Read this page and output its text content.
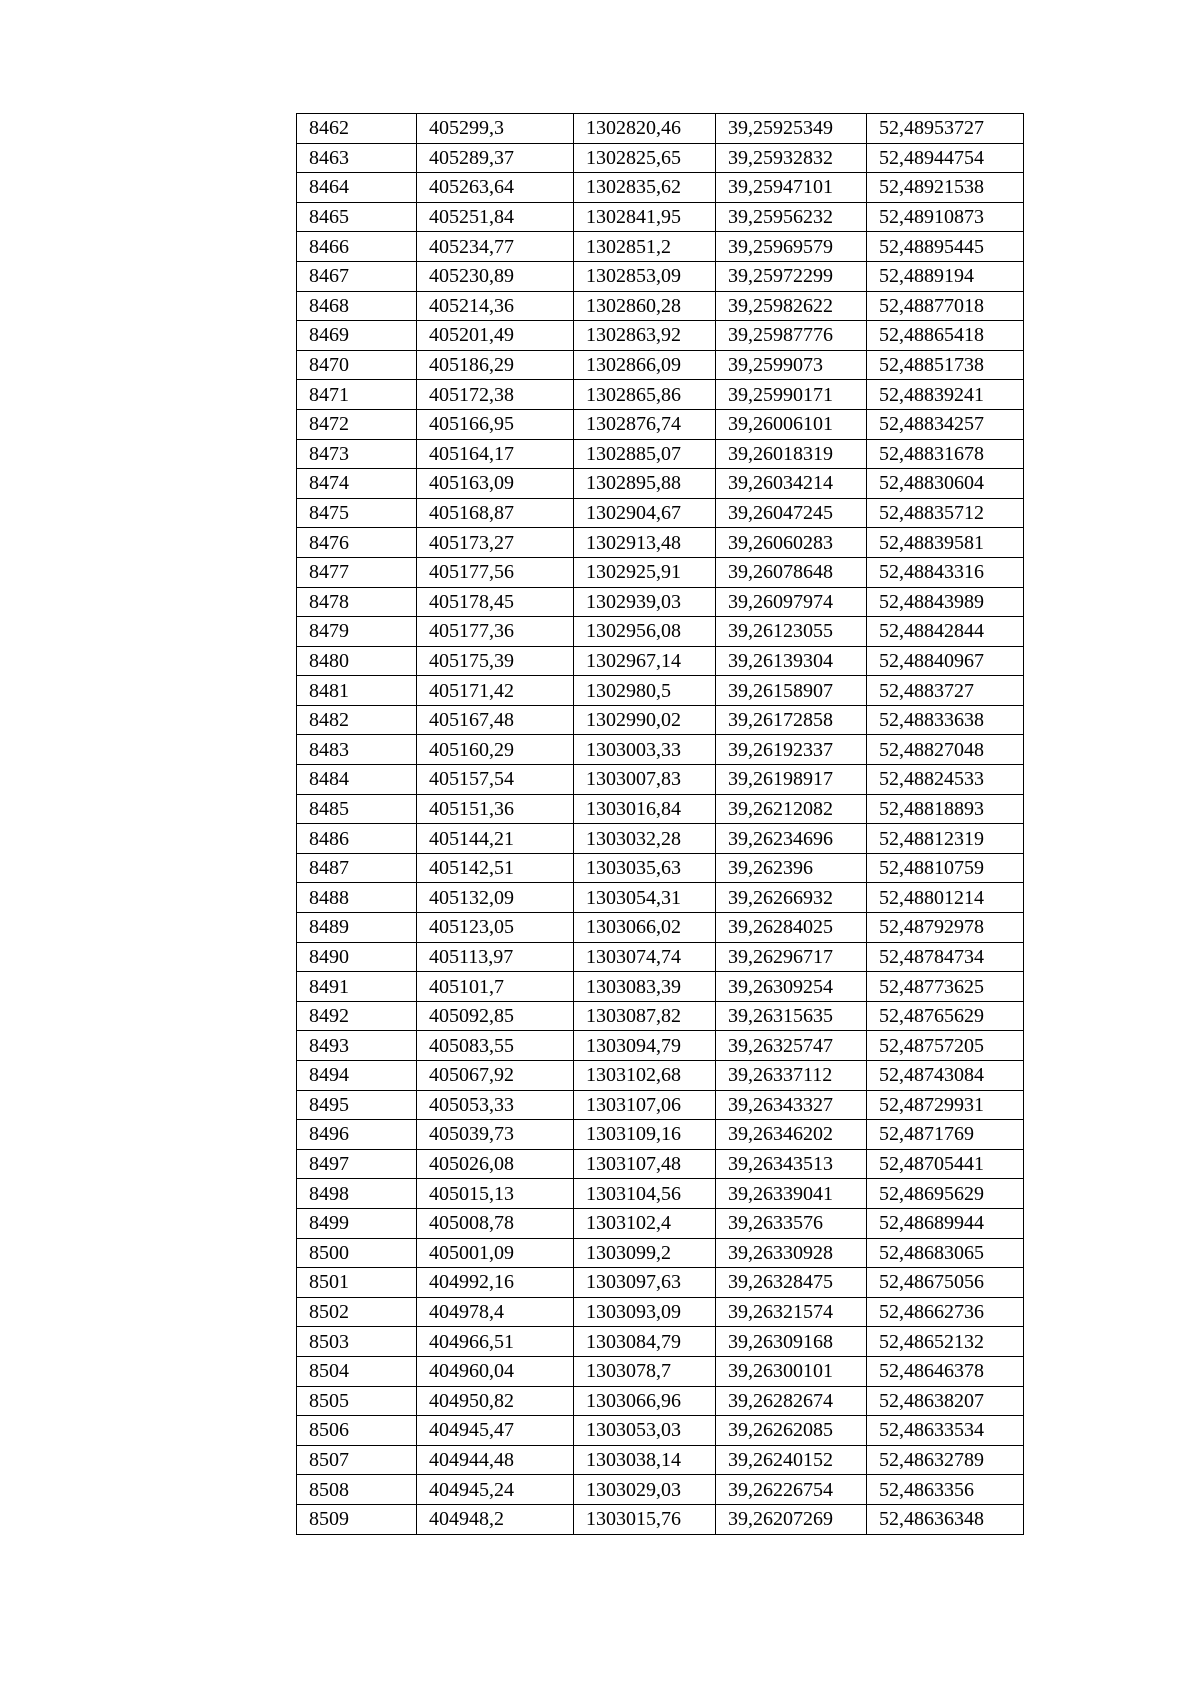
8462	405299,3	1302820,46	39,25925349	52,48953727
8463	405289,37	1302825,65	39,25932832	52,48944754
8464	405263,64	1302835,62	39,25947101	52,48921538
8465	405251,84	1302841,95	39,25956232	52,48910873
8466	405234,77	1302851,2	39,25969579	52,48895445
8467	405230,89	1302853,09	39,25972299	52,4889194
8468	405214,36	1302860,28	39,25982622	52,48877018
8469	405201,49	1302863,92	39,25987776	52,48865418
8470	405186,29	1302866,09	39,2599073	52,48851738
8471	405172,38	1302865,86	39,25990171	52,48839241
8472	405166,95	1302876,74	39,26006101	52,48834257
8473	405164,17	1302885,07	39,26018319	52,48831678
8474	405163,09	1302895,88	39,26034214	52,48830604
8475	405168,87	1302904,67	39,26047245	52,48835712
8476	405173,27	1302913,48	39,26060283	52,48839581
8477	405177,56	1302925,91	39,26078648	52,48843316
8478	405178,45	1302939,03	39,26097974	52,48843989
8479	405177,36	1302956,08	39,26123055	52,48842844
8480	405175,39	1302967,14	39,26139304	52,48840967
8481	405171,42	1302980,5	39,26158907	52,4883727
8482	405167,48	1302990,02	39,26172858	52,48833638
8483	405160,29	1303003,33	39,26192337	52,48827048
8484	405157,54	1303007,83	39,26198917	52,48824533
8485	405151,36	1303016,84	39,26212082	52,48818893
8486	405144,21	1303032,28	39,26234696	52,48812319
8487	405142,51	1303035,63	39,262396	52,48810759
8488	405132,09	1303054,31	39,26266932	52,48801214
8489	405123,05	1303066,02	39,26284025	52,48792978
8490	405113,97	1303074,74	39,26296717	52,48784734
8491	405101,7	1303083,39	39,26309254	52,48773625
8492	405092,85	1303087,82	39,26315635	52,48765629
8493	405083,55	1303094,79	39,26325747	52,48757205
8494	405067,92	1303102,68	39,26337112	52,48743084
8495	405053,33	1303107,06	39,26343327	52,48729931
8496	405039,73	1303109,16	39,26346202	52,4871769
8497	405026,08	1303107,48	39,26343513	52,48705441
8498	405015,13	1303104,56	39,26339041	52,48695629
8499	405008,78	1303102,4	39,2633576	52,48689944
8500	405001,09	1303099,2	39,26330928	52,48683065
8501	404992,16	1303097,63	39,26328475	52,48675056
8502	404978,4	1303093,09	39,26321574	52,48662736
8503	404966,51	1303084,79	39,26309168	52,48652132
8504	404960,04	1303078,7	39,26300101	52,48646378
8505	404950,82	1303066,96	39,26282674	52,48638207
8506	404945,47	1303053,03	39,26262085	52,48633534
8507	404944,48	1303038,14	39,26240152	52,48632789
8508	404945,24	1303029,03	39,26226754	52,4863356
8509	404948,2	1303015,76	39,26207269	52,48636348
